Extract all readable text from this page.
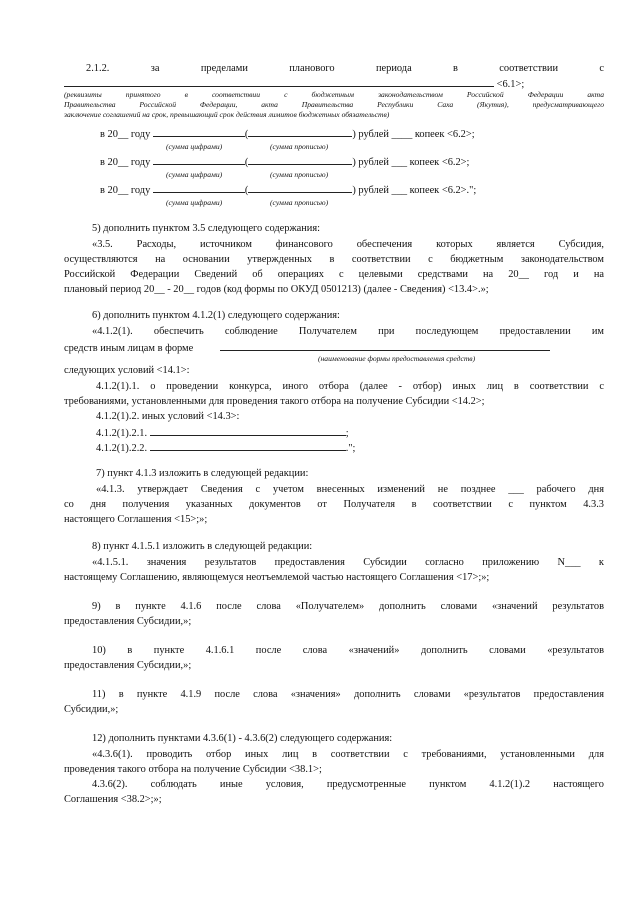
2.1.2. за пределами планового периода в соответствии с
<6.1>;
(реквизиты принятого в соответствии с бюджетным законодательством Российской Федерации акта
Правительства Российской Федерации, акта Правительства Республики Саха (Якутия), предусматривающего
заключение соглашений на срок, превышающий срок действия лимитов бюджетных обязательств)
в 20__ году	(	) рублей ____ копеек <6.2>;
(сумма цифрами)	(сумма прописью)
в 20__ году	(	) рублей ___ копеек <6.2>;
(сумма цифрами)	(сумма прописью)
в 20__ году	(	) рублей ___ копеек <6.2>.";
(сумма цифрами)	(сумма прописью)
5) дополнить пунктом 3.5 следующего содержания:
«3.5. Расходы, источником финансового обеспечения которых является Субсидия,
осуществляются на основании утвержденных в соответствии с бюджетным законодательством
Российской Федерации Сведений об операциях с целевыми средствами на 20__ год и на
плановый период 20__ - 20__ годов (код формы по ОКУД 0501213) (далее - Сведения) <13.4>.»;
6) дополнить пунктом 4.1.2(1) следующего содержания:
«4.1.2(1). обеспечить соблюдение Получателем при последующем предоставлении им
средств иным лицам в форме
(наименование формы предоставления средств)
следующих условий <14.1>:
4.1.2(1).1. о проведении конкурса, иного отбора (далее - отбор) иных лиц в соответствии с
требованиями, установленными для проведения такого отбора на получение Субсидии <14.2>;
4.1.2(1).2. иных условий <14.3>:
4.1.2(1).2.1.	;
4.1.2(1).2.2.	.";
7) пункт 4.1.3 изложить в следующей редакции:
«4.1.3. утверждает Сведения с учетом внесенных изменений не позднее ___ рабочего дня
со дня получения указанных документов от Получателя в соответствии с пунктом 4.3.3
настоящего Соглашения <15>;»;
8) пункт 4.1.5.1 изложить в следующей редакции:
«4.1.5.1. значения результатов предоставления Субсидии согласно приложению N___ к
настоящему Соглашению, являющемуся неотъемлемой частью настоящего Соглашения <17>;»;
9) в пункте 4.1.6 после слова «Получателем» дополнить словами «значений результатов
предоставления Субсидии,»;
10) в пункте 4.1.6.1 после слова «значений» дополнить словами «результатов
предоставления Субсидии,»;
11) в пункте 4.1.9 после слова «значения» дополнить словами «результатов предоставления
Субсидии,»;
12) дополнить пунктами 4.3.6(1) - 4.3.6(2) следующего содержания:
«4.3.6(1). проводить отбор иных лиц в соответствии с требованиями, установленными для
проведения такого отбора на получение Субсидии <38.1>;
4.3.6(2). соблюдать иные условия, предусмотренные пунктом 4.1.2(1).2 настоящего
Соглашения <38.2>;»;
